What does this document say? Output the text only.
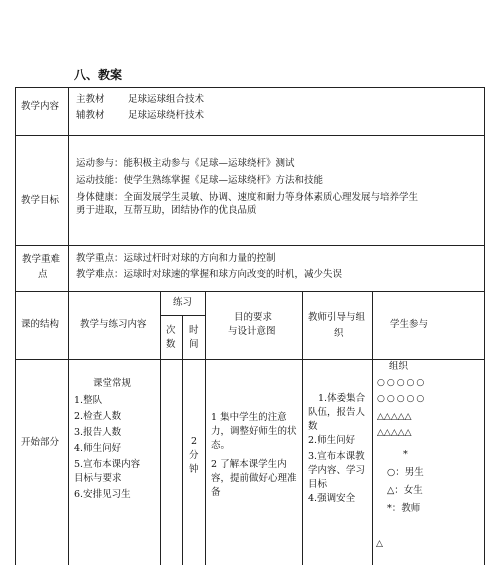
八、教案
教学内容
主教材 足球运球组合技术
辅教材 足球运球绕杆技术
教学目标
运动参与：能积极主动参与《足球—运球绕杆》测试
运动技能：使学生熟练掌握《足球—运球绕杆》方法和技能
身体健康：全面发展学生灵敏、协调、速度和耐力等身体素质心理发展与培养学生
勇于进取，互帮互助，团结协作的优良品质
教学重难
点
教学重点：运球过杆时对球的方向和力量的控制
教学难点：运球时对球速的掌握和球方向改变的时机，减少失误
课的结构 教学与练习内容
练习
次
数
时
间
目的要求
与设计意图
教师引导与组
织
学生参与
开始部分
课堂常规
1.整队
2.检查人数
3.报告人数
4.师生问好
5.宣布本课内容
目标与要求
6.安排见习生
2
分
钟
1 集中学生的注意
力，调整好师生的状
态。
2 了解本课学生内
容，提前做好心理准
备
1.体委集合
队伍，报告人
数
2.师生问好
3.宣布本课教
学内容、学习
目标
4.强调安全
组织
○○○○○
○○○○○
△△△△△
△△△△△
*
○：男生
△：女生
*：教师
△
